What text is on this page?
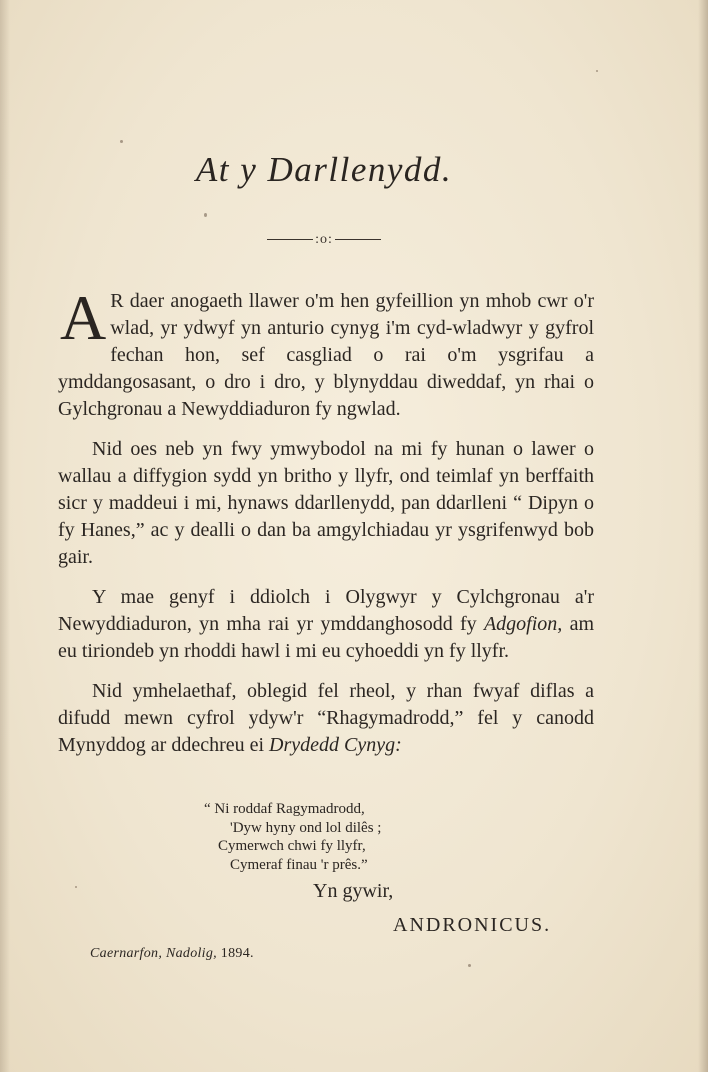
At y Darllenydd.
:o:

A R daer anogaeth llawer o'm hen gyfeillion yn mhob cwr o'r wlad, yr ydwyf yn anturio cynyg i'm cyd-wladwyr y gyfrol fechan hon, sef casgliad o rai o'm ysgrifau a ymddangosasant, o dro i dro, y blynyddau diweddaf, yn rhai o Gylchgronau a Newyddiaduron fy ngwlad.

Nid oes neb yn fwy ymwybodol na mi fy hunan o lawer o wallau a diffygion sydd yn britho y llyfr, ond teimlaf yn berffaith sicr y maddeui i mi, hynaws ddarllenydd, pan ddarlleni “ Dipyn o fy Hanes,” ac y dealli o dan ba amgylchiadau yr ysgrifenwyd bob gair.

Y mae genyf i ddiolch i Olygwyr y Cylchgronau a'r Newyddiaduron, yn mha rai yr ymddanghosodd fy Adgofion, am eu tiriondeb yn rhoddi hawl i mi eu cyhoeddi yn fy llyfr.

Nid ymhelaethaf, oblegid fel rheol, y rhan fwyaf diflas a difudd mewn cyfrol ydyw'r “Rhagymadrodd,” fel y canodd Mynyddog ar ddechreu ei Drydedd Cynyg:

“ Ni roddaf Ragymadrodd,
'Dyw hyny ond lol dilês ;
Cymerwch chwi fy llyfr,
Cymeraf finau 'r prês.”
Yn gywir,
ANDRONICUS.
Caernarfon, Nadolig, 1894.
